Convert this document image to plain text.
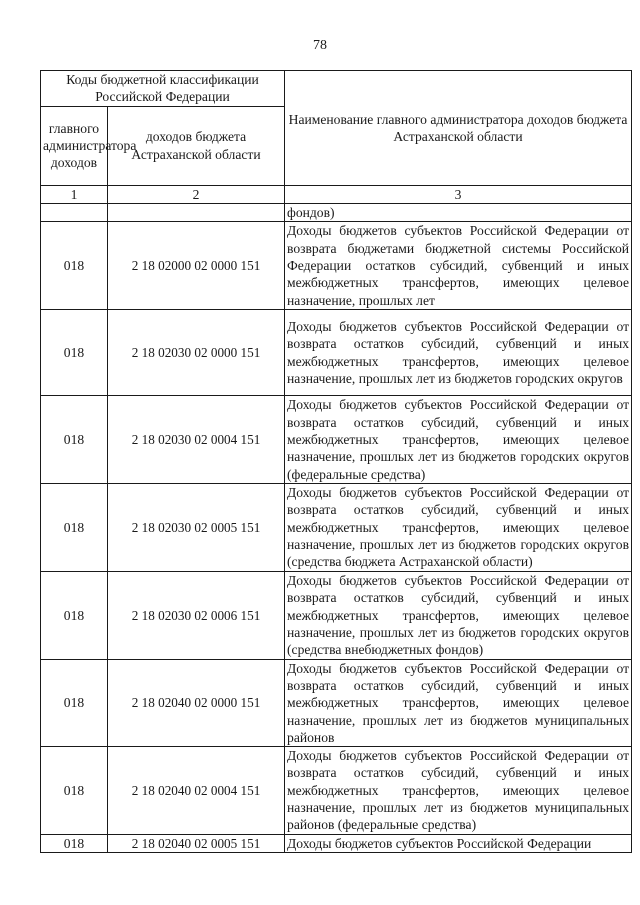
78
Коды бюджетной классификации Российской Федерации		Наименование главного администратора доходов бюджета Астраханской области
главного администратора доходов	доходов бюджета Астраханской области	
1	2	3
		фондов)
018	2 18 02000 02 0000 151	Доходы бюджетов субъектов Российской Федерации от возврата бюджетами бюджетной системы Российской Федерации остатков субсидий, субвенций и иных межбюджетных трансфертов, имеющих целевое назначение, прошлых лет
018	2 18 02030 02 0000 151	Доходы бюджетов субъектов Российской Федерации от возврата остатков субсидий, субвенций и иных межбюджетных трансфертов, имеющих целевое назначение, прошлых лет из бюджетов городских округов
018	2 18 02030 02 0004 151	Доходы бюджетов субъектов Российской Федерации от возврата остатков субсидий, субвенций и иных межбюджетных трансфертов, имеющих целевое назначение, прошлых лет из бюджетов городских округов (федеральные средства)
018	2 18 02030 02 0005 151	Доходы бюджетов субъектов Российской Федерации от возврата остатков субсидий, субвенций и иных межбюджетных трансфертов, имеющих целевое назначение, прошлых лет из бюджетов городских округов (средства бюджета Астраханской области)
018	2 18 02030 02 0006 151	Доходы бюджетов субъектов Российской Федерации от возврата остатков субсидий, субвенций и иных межбюджетных трансфертов, имеющих целевое назначение, прошлых лет из бюджетов городских округов (средства внебюджетных фондов)
018	2 18 02040 02 0000 151	Доходы бюджетов субъектов Российской Федерации от возврата остатков субсидий, субвенций и иных межбюджетных трансфертов, имеющих целевое назначение, прошлых лет из бюджетов муниципальных районов
018	2 18 02040 02 0004 151	Доходы бюджетов субъектов Российской Федерации от возврата остатков субсидий, субвенций и иных межбюджетных трансфертов, имеющих целевое назначение, прошлых лет из бюджетов муниципальных районов (федеральные средства)
018	2 18 02040 02 0005 151	Доходы бюджетов субъектов Российской Федерации
